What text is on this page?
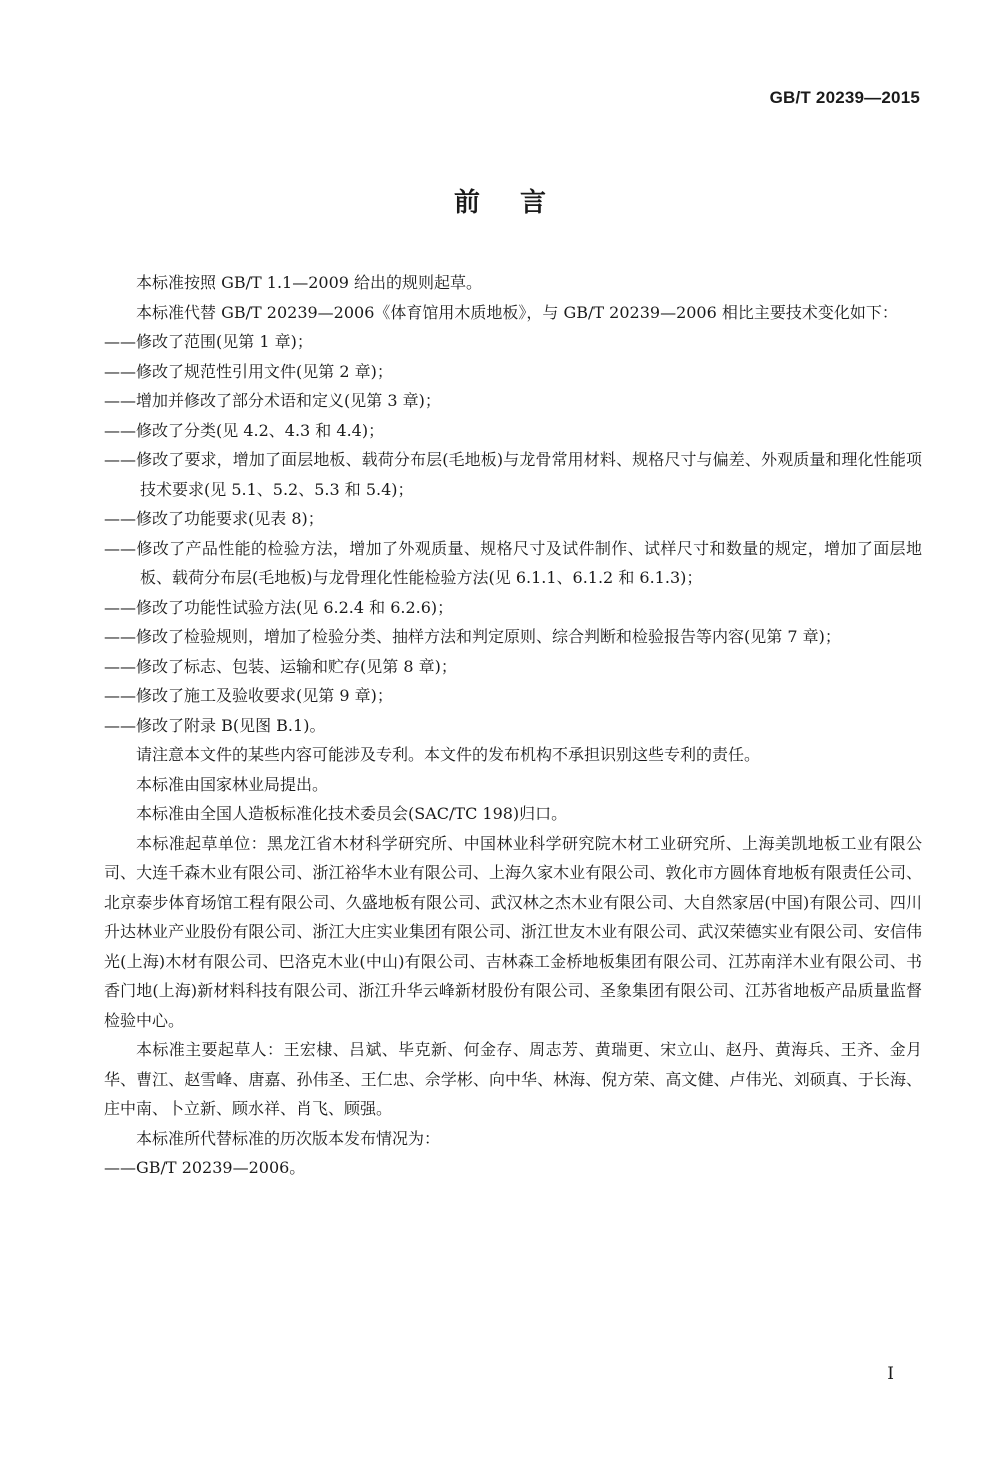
GB/T 20239—2015
前言

本标准按照 GB/T 1.1—2009 给出的规则起草。

本标准代替 GB/T 20239—2006《体育馆用木质地板》，与 GB/T 20239—2006 相比主要技术变化如下：

——修改了范围(见第 1 章)；

——修改了规范性引用文件(见第 2 章)；

——增加并修改了部分术语和定义(见第 3 章)；

——修改了分类(见 4.2、4.3 和 4.4)；

——修改了要求，增加了面层地板、载荷分布层(毛地板)与龙骨常用材料、规格尺寸与偏差、外观质量和理化性能项技术要求(见 5.1、5.2、5.3 和 5.4)；

——修改了功能要求(见表 8)；

——修改了产品性能的检验方法，增加了外观质量、规格尺寸及试件制作、试样尺寸和数量的规定，增加了面层地板、载荷分布层(毛地板)与龙骨理化性能检验方法(见 6.1.1、6.1.2 和 6.1.3)；

——修改了功能性试验方法(见 6.2.4 和 6.2.6)；

——修改了检验规则，增加了检验分类、抽样方法和判定原则、综合判断和检验报告等内容(见第 7 章)；

——修改了标志、包装、运输和贮存(见第 8 章)；

——修改了施工及验收要求(见第 9 章)；

——修改了附录 B(见图 B.1)。

请注意本文件的某些内容可能涉及专利。本文件的发布机构不承担识别这些专利的责任。

本标准由国家林业局提出。

本标准由全国人造板标准化技术委员会(SAC/TC 198)归口。

本标准起草单位：黑龙江省木材科学研究所、中国林业科学研究院木材工业研究所、上海美凯地板工业有限公司、大连千森木业有限公司、浙江裕华木业有限公司、上海久家木业有限公司、敦化市方圆体育地板有限责任公司、北京泰步体育场馆工程有限公司、久盛地板有限公司、武汉林之杰木业有限公司、大自然家居(中国)有限公司、四川升达林业产业股份有限公司、浙江大庄实业集团有限公司、浙江世友木业有限公司、武汉荣德实业有限公司、安信伟光(上海)木材有限公司、巴洛克木业(中山)有限公司、吉林森工金桥地板集团有限公司、江苏南洋木业有限公司、书香门地(上海)新材料科技有限公司、浙江升华云峰新材股份有限公司、圣象集团有限公司、江苏省地板产品质量监督检验中心。

本标准主要起草人：王宏棣、吕斌、毕克新、何金存、周志芳、黄瑞更、宋立山、赵丹、黄海兵、王齐、金月华、曹江、赵雪峰、唐嘉、孙伟圣、王仁忠、佘学彬、向中华、林海、倪方荣、高文健、卢伟光、刘硕真、于长海、庄中南、卜立新、顾水祥、肖飞、顾强。

本标准所代替标准的历次版本发布情况为：

——GB/T 20239—2006。

I
